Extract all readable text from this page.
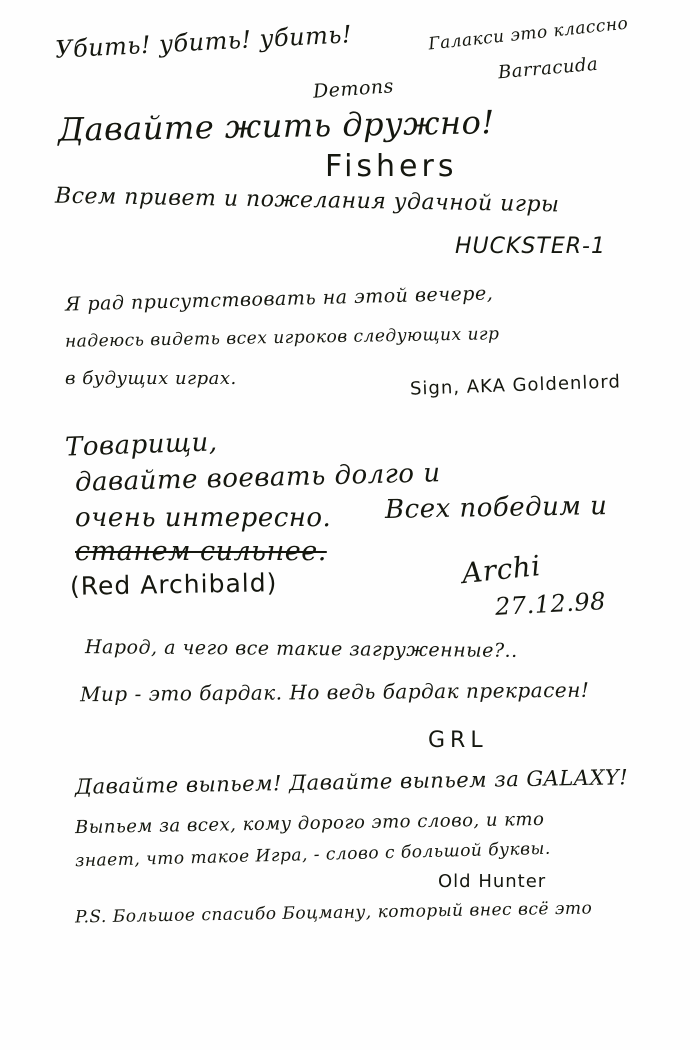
Убить! убить! убить!	Галакси это классно
Barracuda
Demons
Давайте жить дружно!
Fishers
Всем привет и пожелания удачной игры
HUCKSTER-1
Я рад присутствовать на этой вечере,
надеюсь видеть всех игроков следующих игр
в будущих играх.	Sign, AKA Goldenlord
Товарищи,
давайте воевать долго и
очень интересно. Всех победим и
станем сильнее.
(Red Archibald)	Archi
27.12.98
Народ, а чего все такие загруженные?..
Мир - это бардак. Но ведь бардак прекрасен!
GRL
Давайте выпьем! Давайте выпьем за GALAXY!
Выпьем за всех, кому дорого это слово, и кто
знает, что такое Игра, - слово с большой буквы.
Old Hunter
P.S. Большое спасибо Боцману, который внес всё это
